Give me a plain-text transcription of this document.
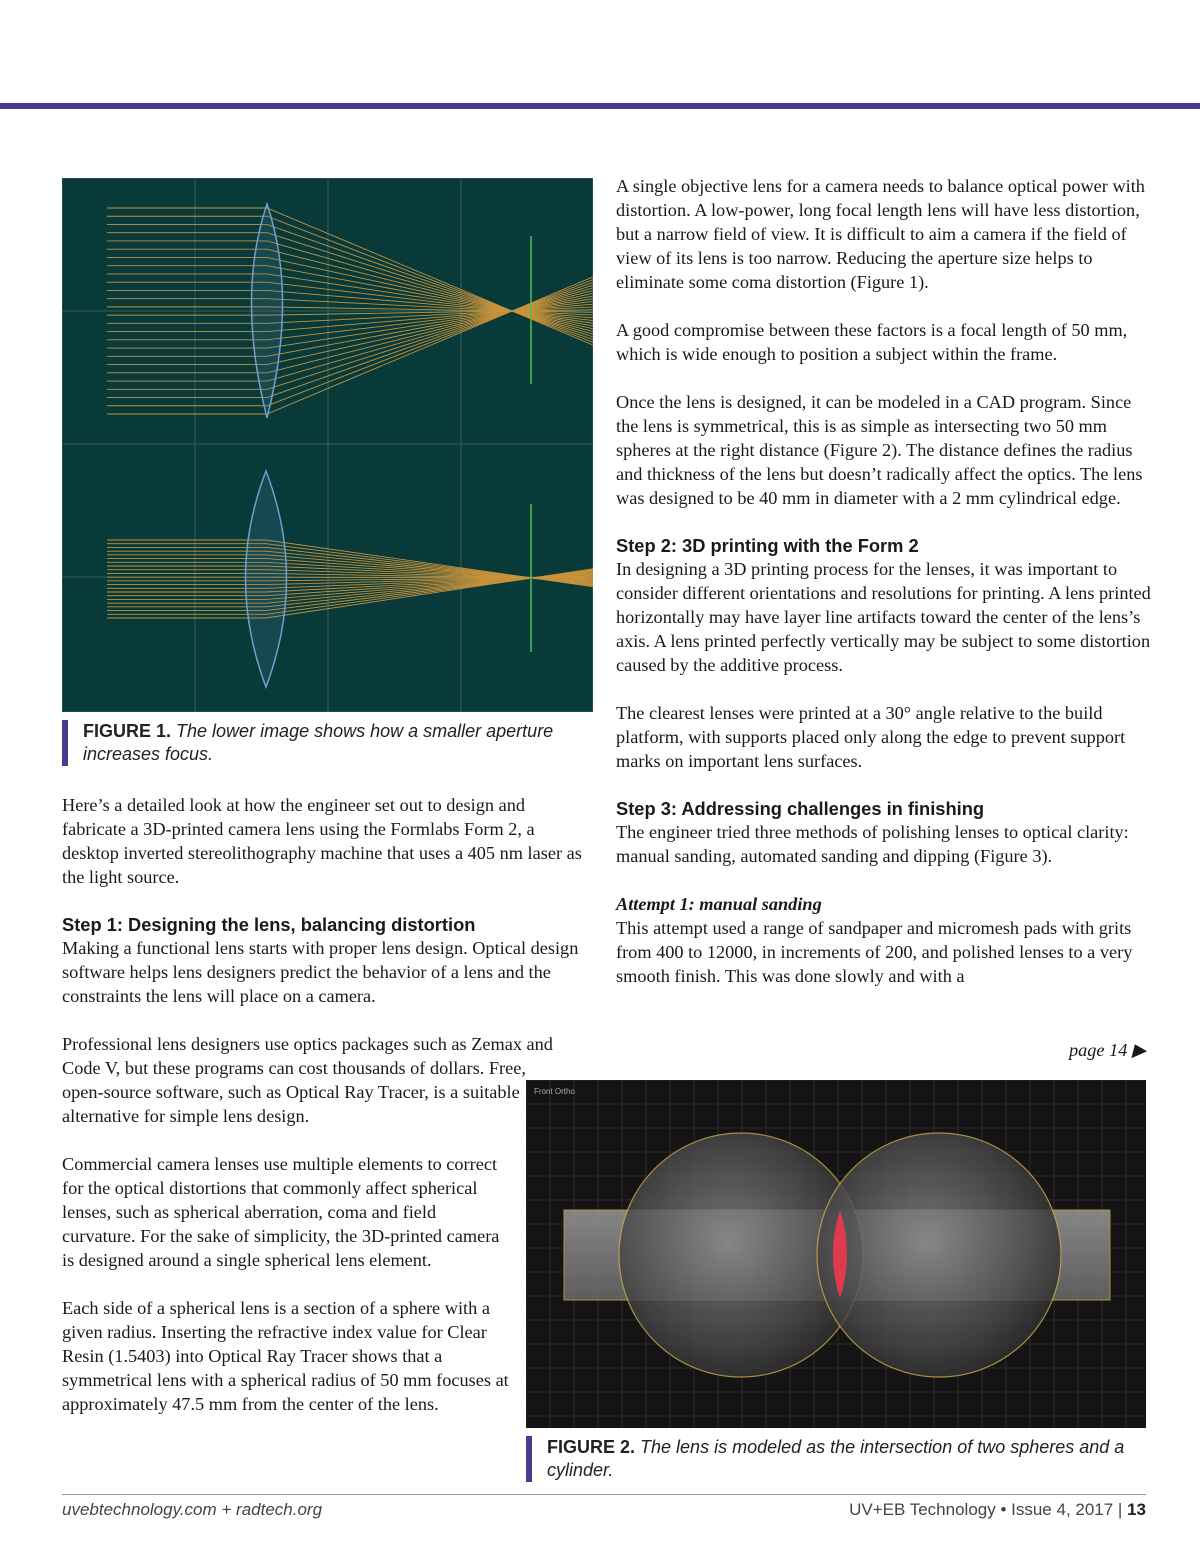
FIGURE 1. The lower image shows how a smaller aperture increases focus.

Here’s a detailed look at how the engineer set out to design and fabricate a 3D-printed camera lens using the Formlabs Form 2, a desktop inverted stereolithography machine that uses a 405 nm laser as the light source.

Step 1: Designing the lens, balancing distortion

Making a functional lens starts with proper lens design. Optical design software helps lens designers predict the behavior of a lens and the constraints the lens will place on a camera.

Professional lens designers use optics packages such as Zemax and Code V, but these programs can cost thousands of dollars. Free, open-source software, such as Optical Ray Tracer, is a suitable alternative for simple lens design.

Commercial camera lenses use multiple elements to correct for the optical distortions that commonly affect spherical lenses, such as spherical aberration, coma and field curvature. For the sake of simplicity, the 3D-printed camera is designed around a single spherical lens element.

Each side of a spherical lens is a section of a sphere with a given radius. Inserting the refractive index value for Clear Resin (1.5403) into Optical Ray Tracer shows that a symmetrical lens with a spherical radius of 50 mm focuses at approximately 47.5 mm from the center of the lens.

A single objective lens for a camera needs to balance optical power with distortion. A low-power, long focal length lens will have less distortion, but a narrow field of view. It is difficult to aim a camera if the field of view of its lens is too narrow. Reducing the aperture size helps to eliminate some coma distortion (Figure 1).

A good compromise between these factors is a focal length of 50 mm, which is wide enough to position a subject within the frame.

Once the lens is designed, it can be modeled in a CAD program. Since the lens is symmetrical, this is as simple as intersecting two 50 mm spheres at the right distance (Figure 2). The distance defines the radius and thickness of the lens but doesn’t radically affect the optics. The lens was designed to be 40 mm in diameter with a 2 mm cylindrical edge.

Step 2: 3D printing with the Form 2

In designing a 3D printing process for the lenses, it was important to consider different orientations and resolutions for printing. A lens printed horizontally may have layer line artifacts toward the center of the lens’s axis. A lens printed perfectly vertically may be subject to some distortion caused by the additive process.

The clearest lenses were printed at a 30° angle relative to the build platform, with supports placed only along the edge to prevent support marks on important lens surfaces.

Step 3: Addressing challenges in finishing

The engineer tried three methods of polishing lenses to optical clarity: manual sanding, automated sanding and dipping (Figure 3).

Attempt 1: manual sanding

This attempt used a range of sandpaper and micromesh pads with grits from 400 to 12000, in increments of 200, and polished lenses to a very smooth finish. This was done slowly and with a

page 14 ▶
Front Ortho
FIGURE 2. The lens is modeled as the intersection of two spheres and a cylinder.
uvebtechnology.com + radtech.org	UV+EB Technology • Issue 4, 2017 | 13
